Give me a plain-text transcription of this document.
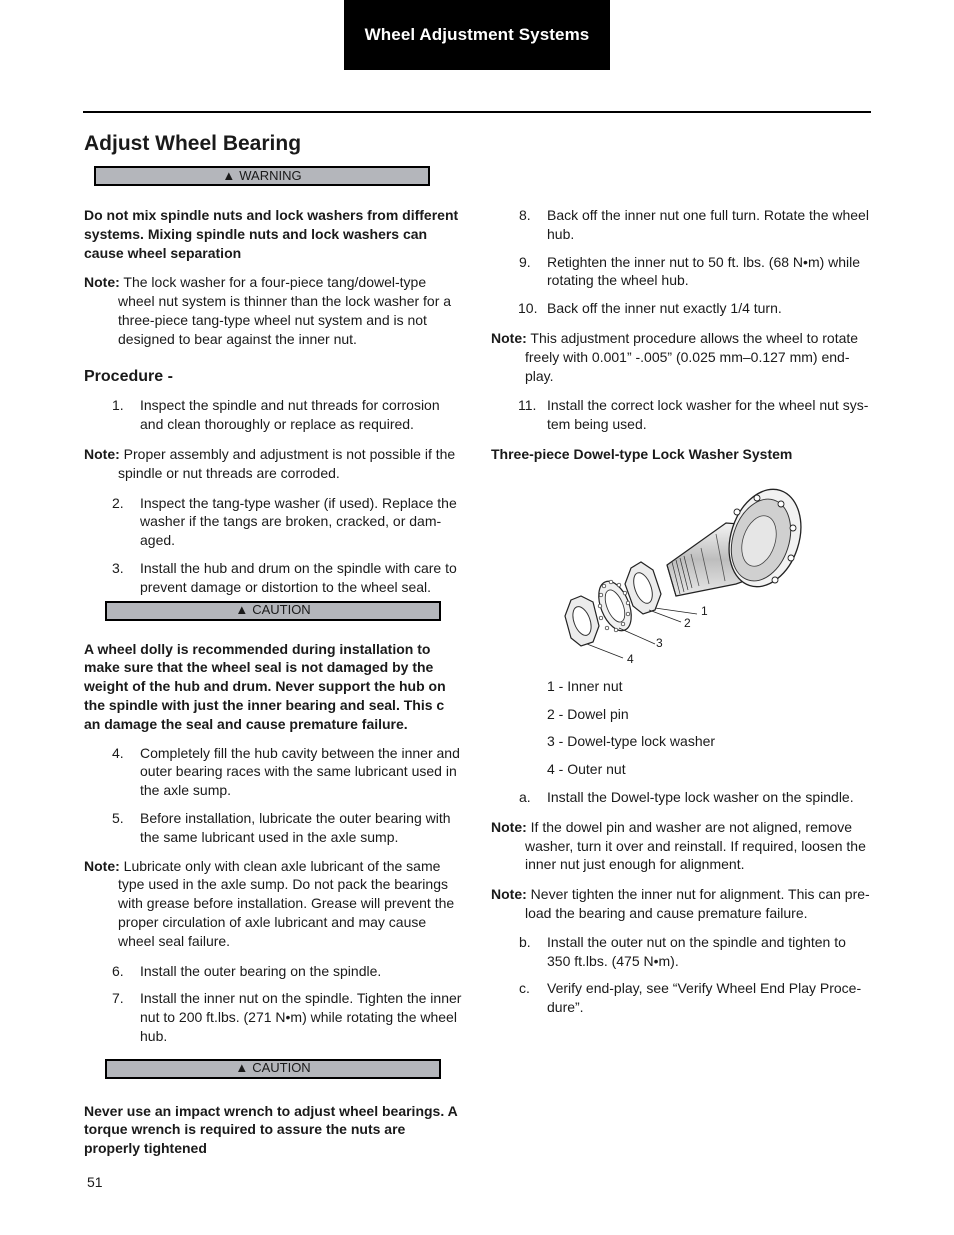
Wheel Adjustment Systems
Adjust Wheel Bearing
▲ WARNING

Do not mix spindle nuts and lock washers from different systems. Mixing spindle nuts and lock washers can cause wheel separation

Note: The lock washer for a four-piece tang/dowel-type wheel nut system is thinner than the lock washer for a three-piece tang-type wheel nut system and is not designed to bear against the inner nut.

Procedure -

1. Inspect the spindle and nut threads for corrosion and clean thoroughly or replace as required.

Note: Proper assembly and adjustment is not possible if the spindle or nut threads are corroded.

2. Inspect the tang-type washer (if used). Replace the washer if the tangs are broken, cracked, or dam-aged.

3. Install the hub and drum on the spindle with care to prevent damage or distortion to the wheel seal.

▲ CAUTION

A wheel dolly is recommended during installation to make sure that the wheel seal is not damaged by the weight of the hub and drum. Never support the hub on the spindle with just the inner bearing and seal. This c an damage the seal and cause premature failure.

4. Completely fill the hub cavity between the inner and outer bearing races with the same lubricant used in the axle sump.

5. Before installation, lubricate the outer bearing with the same lubricant used in the axle sump.

Note: Lubricate only with clean axle lubricant of the same type used in the axle sump. Do not pack the bearings with grease before installation. Grease will prevent the proper circulation of axle lubricant and may cause wheel seal failure.

6. Install the outer bearing on the spindle.

7. Install the inner nut on the spindle. Tighten the inner nut to 200 ft.lbs. (271 N•m) while rotating the wheel hub.

▲ CAUTION

Never use an impact wrench to adjust wheel bearings. A torque wrench is required to assure the nuts are properly tightened

8. Back off the inner nut one full turn. Rotate the wheel hub.

9. Retighten the inner nut to 50 ft. lbs. (68 N•m) while rotating the wheel hub.

10. Back off the inner nut exactly 1/4 turn.

Note: This adjustment procedure allows the wheel to rotate freely with 0.001” -.005” (0.025 mm–0.127 mm) end-play.

11. Install the correct lock washer for the wheel nut sys-tem being used.

Three-piece Dowel-type Lock Washer System

1
2
3
4

1 - Inner nut

2 - Dowel pin

3 - Dowel-type lock washer

4 - Outer nut

a. Install the Dowel-type lock washer on the spindle.

Note: If the dowel pin and washer are not aligned, remove washer, turn it over and reinstall. If required, loosen the inner nut just enough for alignment.

Note: Never tighten the inner nut for alignment. This can pre-load the bearing and cause premature failure.

b. Install the outer nut on the spindle and tighten to 350 ft.lbs. (475 N•m).

c. Verify end-play, see “Verify Wheel End Play Proce-dure”.

51
